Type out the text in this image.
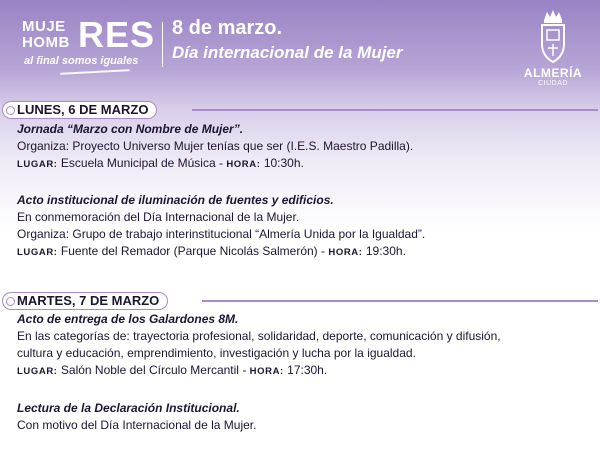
MUJE
HOMB RES
al final somos iguales
8 de marzo.
Día internacional de la Mujer
ALMERÍA
CIUDAD
LUNES, 6 DE MARZO
Jornada “Marzo con Nombre de Mujer”.
Organiza: Proyecto Universo Mujer tenías que ser (I.E.S. Maestro Padilla).
LUGAR: Escuela Municipal de Música - HORA: 10:30h.
Acto institucional de iluminación de fuentes y edificios.
En conmemoración del Día Internacional de la Mujer.
Organiza: Grupo de trabajo interinstitucional “Almería Unida por la Igualdad”.
LUGAR: Fuente del Remador (Parque Nicolás Salmerón) - HORA: 19:30h.
MARTES, 7 DE MARZO
Acto de entrega de los Galardones 8M.
En las categorías de: trayectoria profesional, solidaridad, deporte, comunicación y difusión,
cultura y educación, emprendimiento, investigación y lucha por la igualdad.
LUGAR: Salón Noble del Círculo Mercantil - HORA: 17:30h.
Lectura de la Declaración Institucional.
Con motivo del Día Internacional de la Mujer.
